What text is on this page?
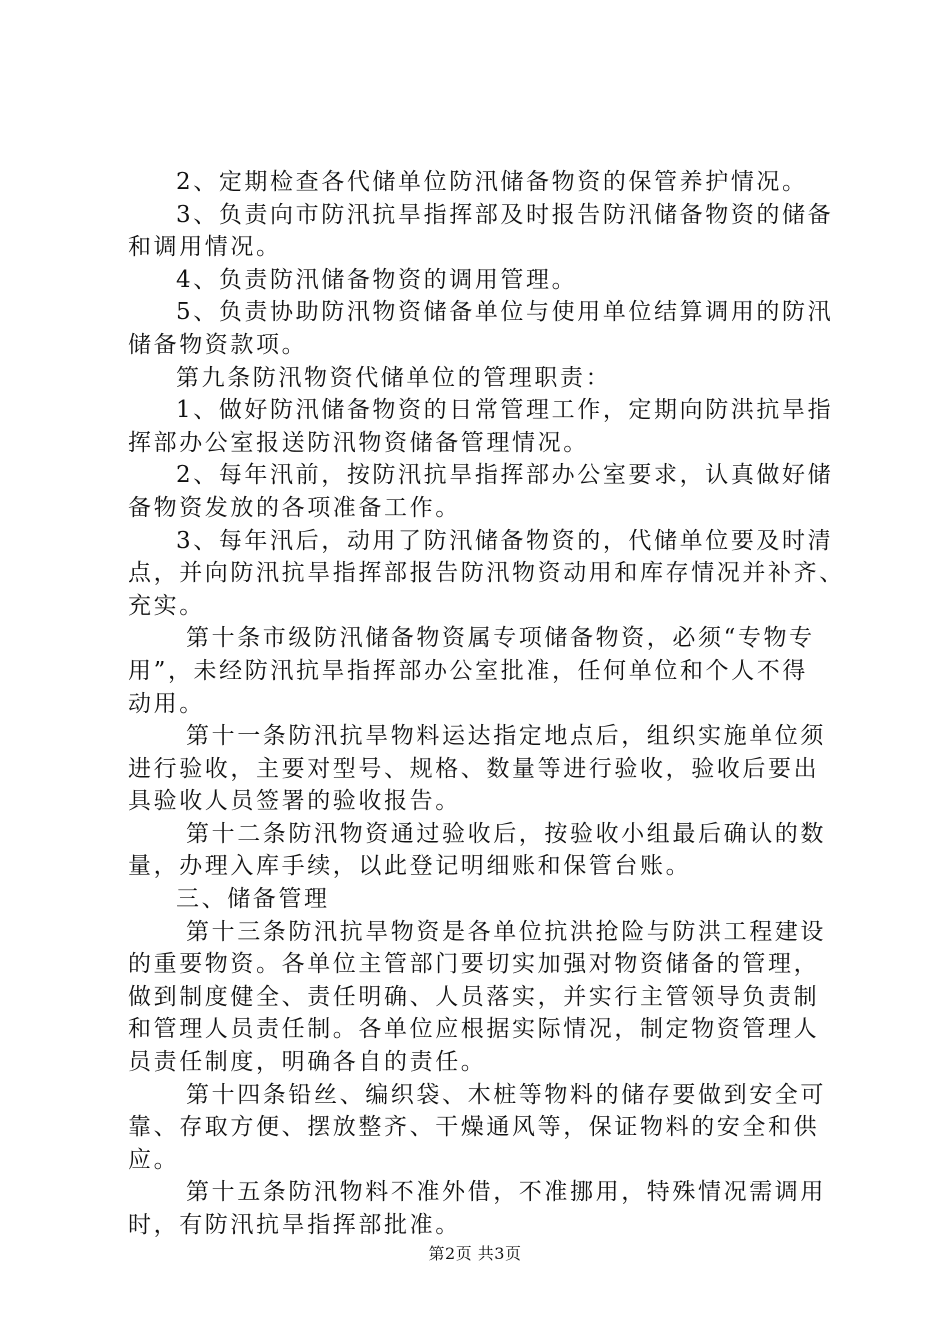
2、定期检查各代储单位防汛储备物资的保管养护情况。
3、负责向市防汛抗旱指挥部及时报告防汛储备物资的储备
和调用情况。
4、负责防汛储备物资的调用管理。
5、负责协助防汛物资储备单位与使用单位结算调用的防汛
储备物资款项。
第九条防汛物资代储单位的管理职责：
1、做好防汛储备物资的日常管理工作，定期向防洪抗旱指
挥部办公室报送防汛物资储备管理情况。
2、每年汛前，按防汛抗旱指挥部办公室要求，认真做好储
备物资发放的各项准备工作。
3、每年汛后，动用了防汛储备物资的，代储单位要及时清
点，并向防汛抗旱指挥部报告防汛物资动用和库存情况并补齐、
充实。
第十条市级防汛储备物资属专项储备物资，必须“专物专
用”，未经防汛抗旱指挥部办公室批准，任何单位和个人不得
动用。
第十一条防汛抗旱物料运达指定地点后，组织实施单位须
进行验收，主要对型号、规格、数量等进行验收，验收后要出
具验收人员签署的验收报告。
第十二条防汛物资通过验收后，按验收小组最后确认的数
量，办理入库手续，以此登记明细账和保管台账。
三、储备管理
第十三条防汛抗旱物资是各单位抗洪抢险与防洪工程建设
的重要物资。各单位主管部门要切实加强对物资储备的管理，
做到制度健全、责任明确、人员落实，并实行主管领导负责制
和管理人员责任制。各单位应根据实际情况，制定物资管理人
员责任制度，明确各自的责任。
第十四条铅丝、编织袋、木桩等物料的储存要做到安全可
靠、存取方便、摆放整齐、干燥通风等，保证物料的安全和供
应。
第十五条防汛物料不准外借，不准挪用，特殊情况需调用
时，有防汛抗旱指挥部批准。
第2页 共3页
